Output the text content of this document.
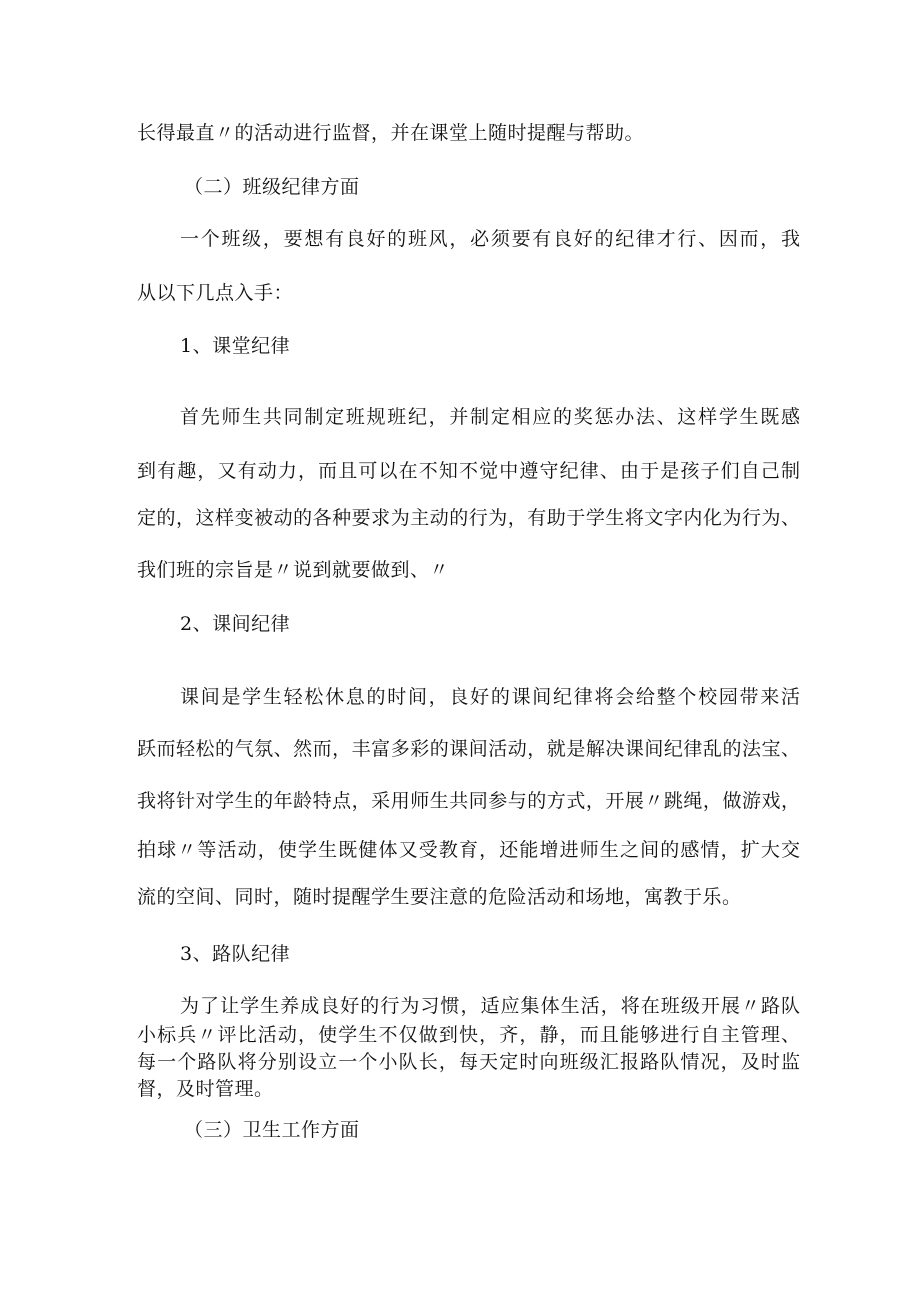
长得最直〃的活动进行监督，并在课堂上随时提醒与帮助。

（二）班级纪律方面

一个班级，要想有良好的班风，必须要有良好的纪律才行、因而，我

从以下几点入手：

1、课堂纪律

首先师生共同制定班规班纪，并制定相应的奖惩办法、这样学生既感

到有趣，又有动力，而且可以在不知不觉中遵守纪律、由于是孩子们自己制

定的，这样变被动的各种要求为主动的行为，有助于学生将文字内化为行为、

我们班的宗旨是〃说到就要做到、〃

2、课间纪律

课间是学生轻松休息的时间，良好的课间纪律将会给整个校园带来活

跃而轻松的气氛、然而，丰富多彩的课间活动，就是解决课间纪律乱的法宝、

我将针对学生的年龄特点，采用师生共同参与的方式，开展〃跳绳，做游戏，

拍球〃等活动，使学生既健体又受教育，还能增进师生之间的感情，扩大交

流的空间、同时，随时提醒学生要注意的危险活动和场地，寓教于乐。

3、路队纪律

为了让学生养成良好的行为习惯，适应集体生活，将在班级开展〃路队

小标兵〃评比活动，使学生不仅做到快，齐，静，而且能够进行自主管理、

每一个路队将分别设立一个小队长，每天定时向班级汇报路队情况，及时监

督，及时管理。

（三）卫生工作方面
